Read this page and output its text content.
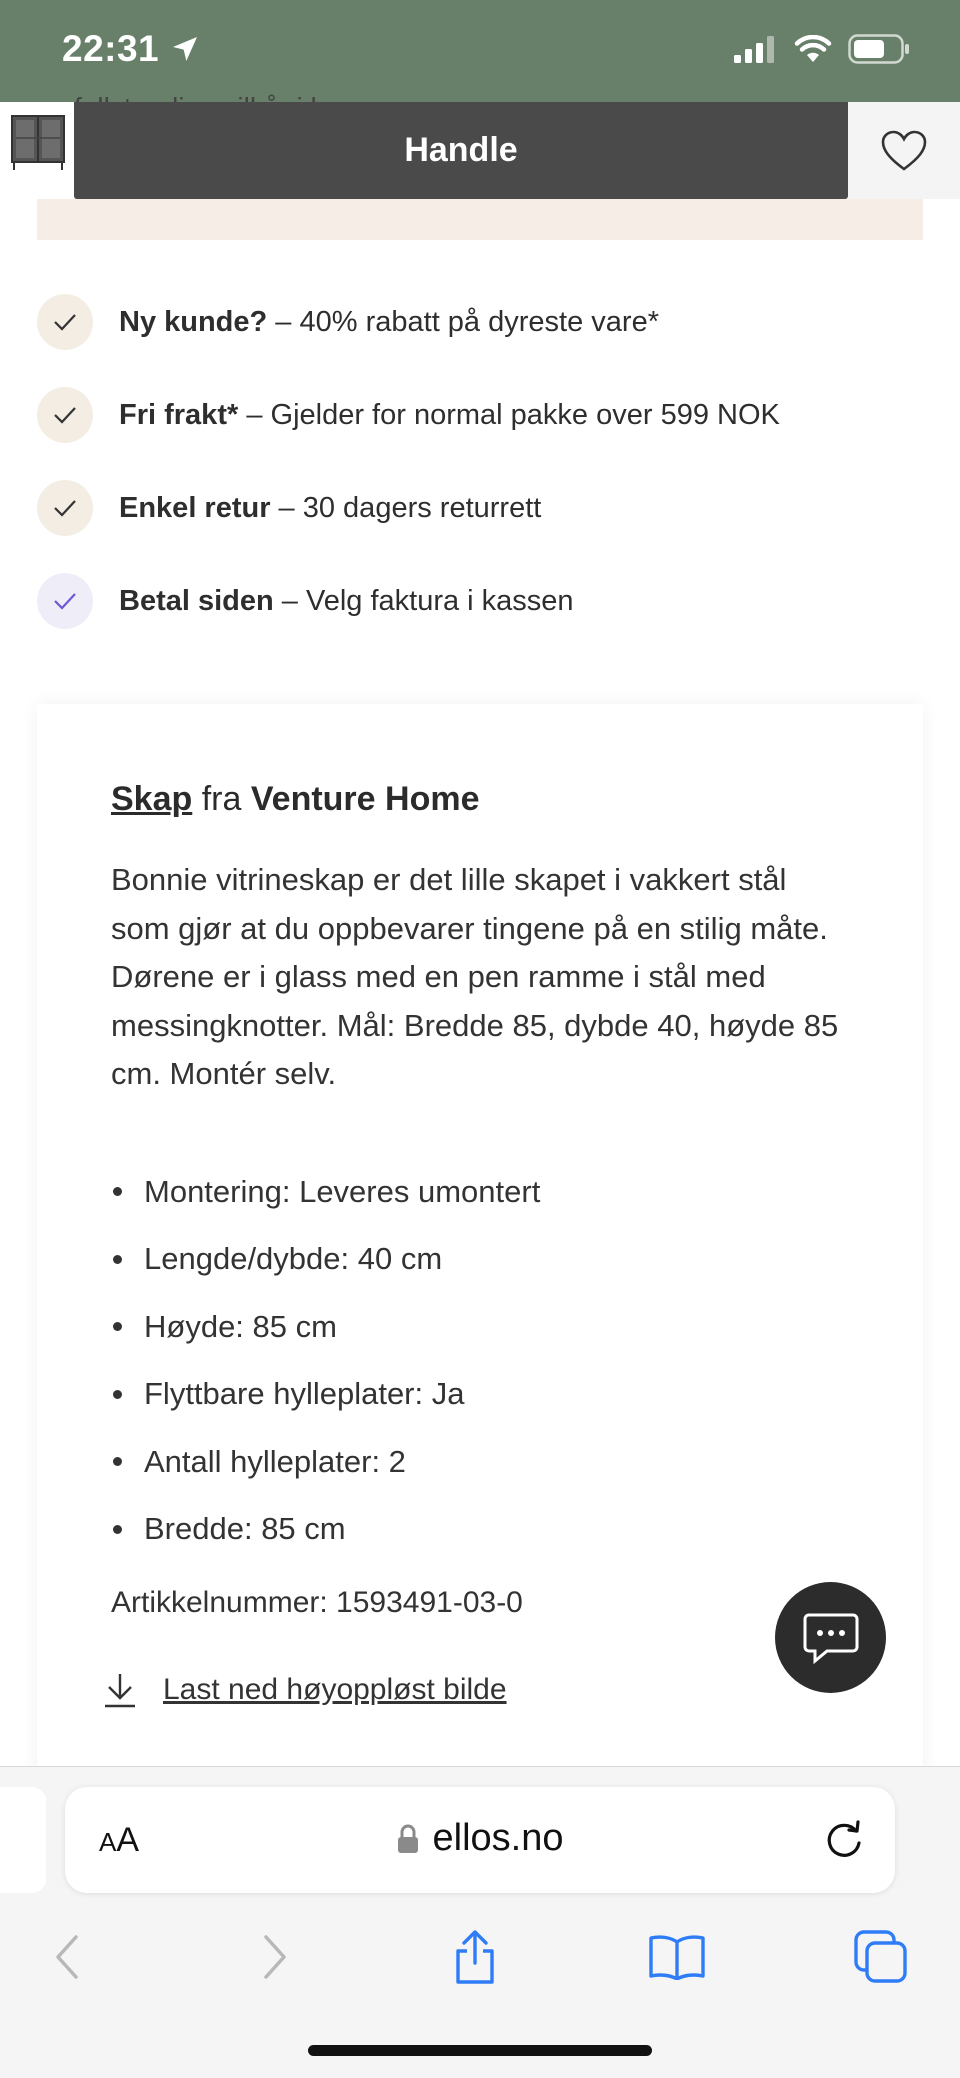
22:31
Handle
Ny kunde? – 40% rabatt på dyreste vare*
Fri frakt* – Gjelder for normal pakke over 599 NOK
Enkel retur – 30 dagers returrett
Betal siden – Velg faktura i kassen
Skap fra Venture Home

Bonnie vitrineskap er det lille skapet i vakkert stål som gjør at du oppbevarer tingene på en stilig måte. Dørene er i glass med en pen ramme i stål med messingknotter. Mål: Bredde 85, dybde 40, høyde 85 cm. Montér selv.

Montering: Leveres umontert
Lengde/dybde: 40 cm
Høyde: 85 cm
Flyttbare hylleplater: Ja
Antall hylleplater: 2
Bredde: 85 cm
Artikkelnummer: 1593491-03-0
Last ned høyoppløst bilde
AA	ellos.no
